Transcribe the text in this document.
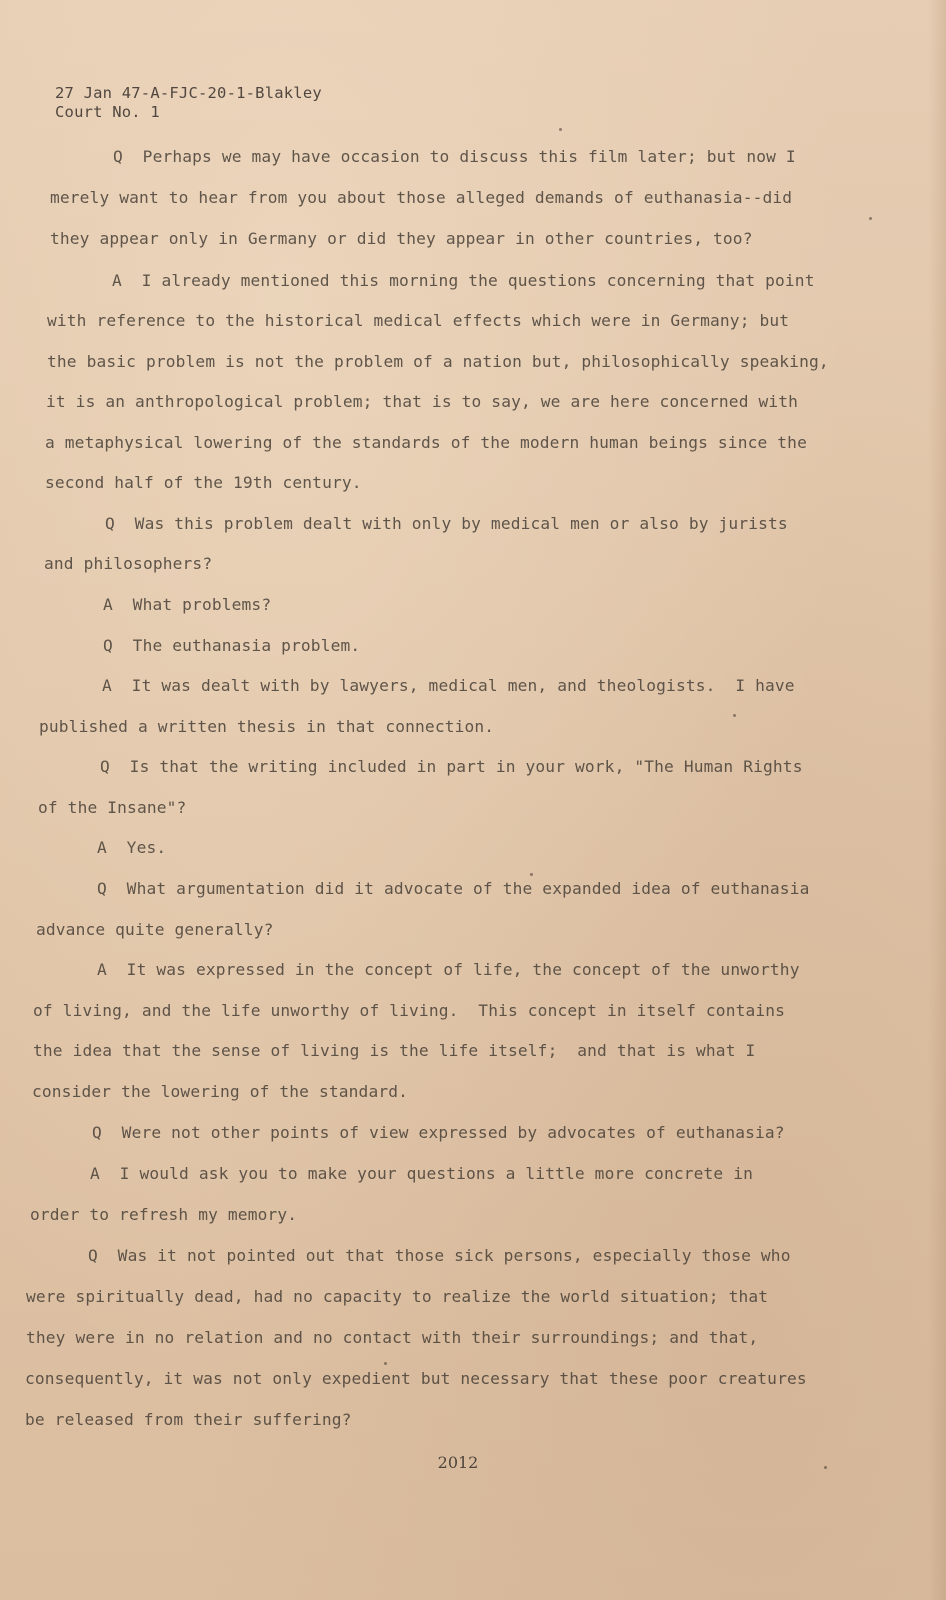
27 Jan 47-A-FJC-20-1-Blakley
Court No. 1
Q  Perhaps we may have occasion to discuss this film later; but now I
merely want to hear from you about those alleged demands of euthanasia--did
they appear only in Germany or did they appear in other countries, too?
A  I already mentioned this morning the questions concerning that point
with reference to the historical medical effects which were in Germany; but
the basic problem is not the problem of a nation but, philosophically speaking,
it is an anthropological problem; that is to say, we are here concerned with
a metaphysical lowering of the standards of the modern human beings since the
second half of the 19th century.
Q  Was this problem dealt with only by medical men or also by jurists
and philosophers?
A  What problems?
Q  The euthanasia problem.
A  It was dealt with by lawyers, medical men, and theologists.  I have
published a written thesis in that connection.
Q  Is that the writing included in part in your work, "The Human Rights
of the Insane"?
A  Yes.
Q  What argumentation did it advocate of the expanded idea of euthanasia
advance quite generally?
A  It was expressed in the concept of life, the concept of the unworthy
of living, and the life unworthy of living.  This concept in itself contains
the idea that the sense of living is the life itself;  and that is what I
consider the lowering of the standard.
Q  Were not other points of view expressed by advocates of euthanasia?
A  I would ask you to make your questions a little more concrete in
order to refresh my memory.
Q  Was it not pointed out that those sick persons, especially those who
were spiritually dead, had no capacity to realize the world situation; that
they were in no relation and no contact with their surroundings; and that,
consequently, it was not only expedient but necessary that these poor creatures
be released from their suffering?
2012
